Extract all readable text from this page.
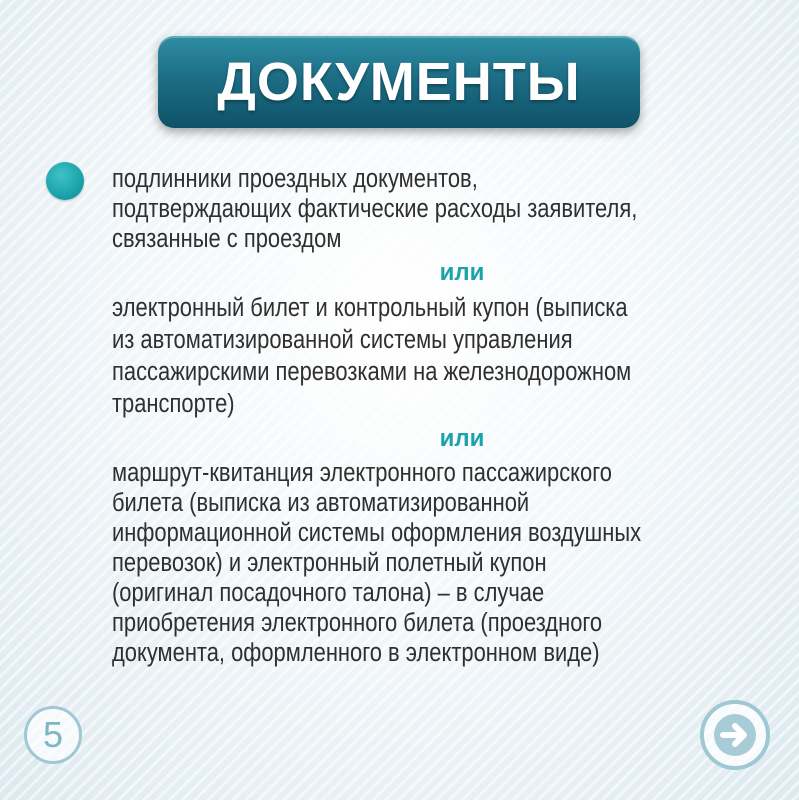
ДОКУМЕНТЫ

подлинники проездных документов,
подтверждающих фактические расходы заявителя,
связанные с проездом

или

электронный билет и контрольный купон (выписка
из автоматизированной системы управления
пассажирскими перевозками на железнодорожном
транспорте)

или

маршрут-квитанция электронного пассажирского
билета (выписка из автоматизированной
информационной системы оформления воздушных
перевозок) и электронный полетный купон
(оригинал посадочного талона) – в случае
приобретения электронного билета (проездного
документа, оформленного в электронном виде)

5
